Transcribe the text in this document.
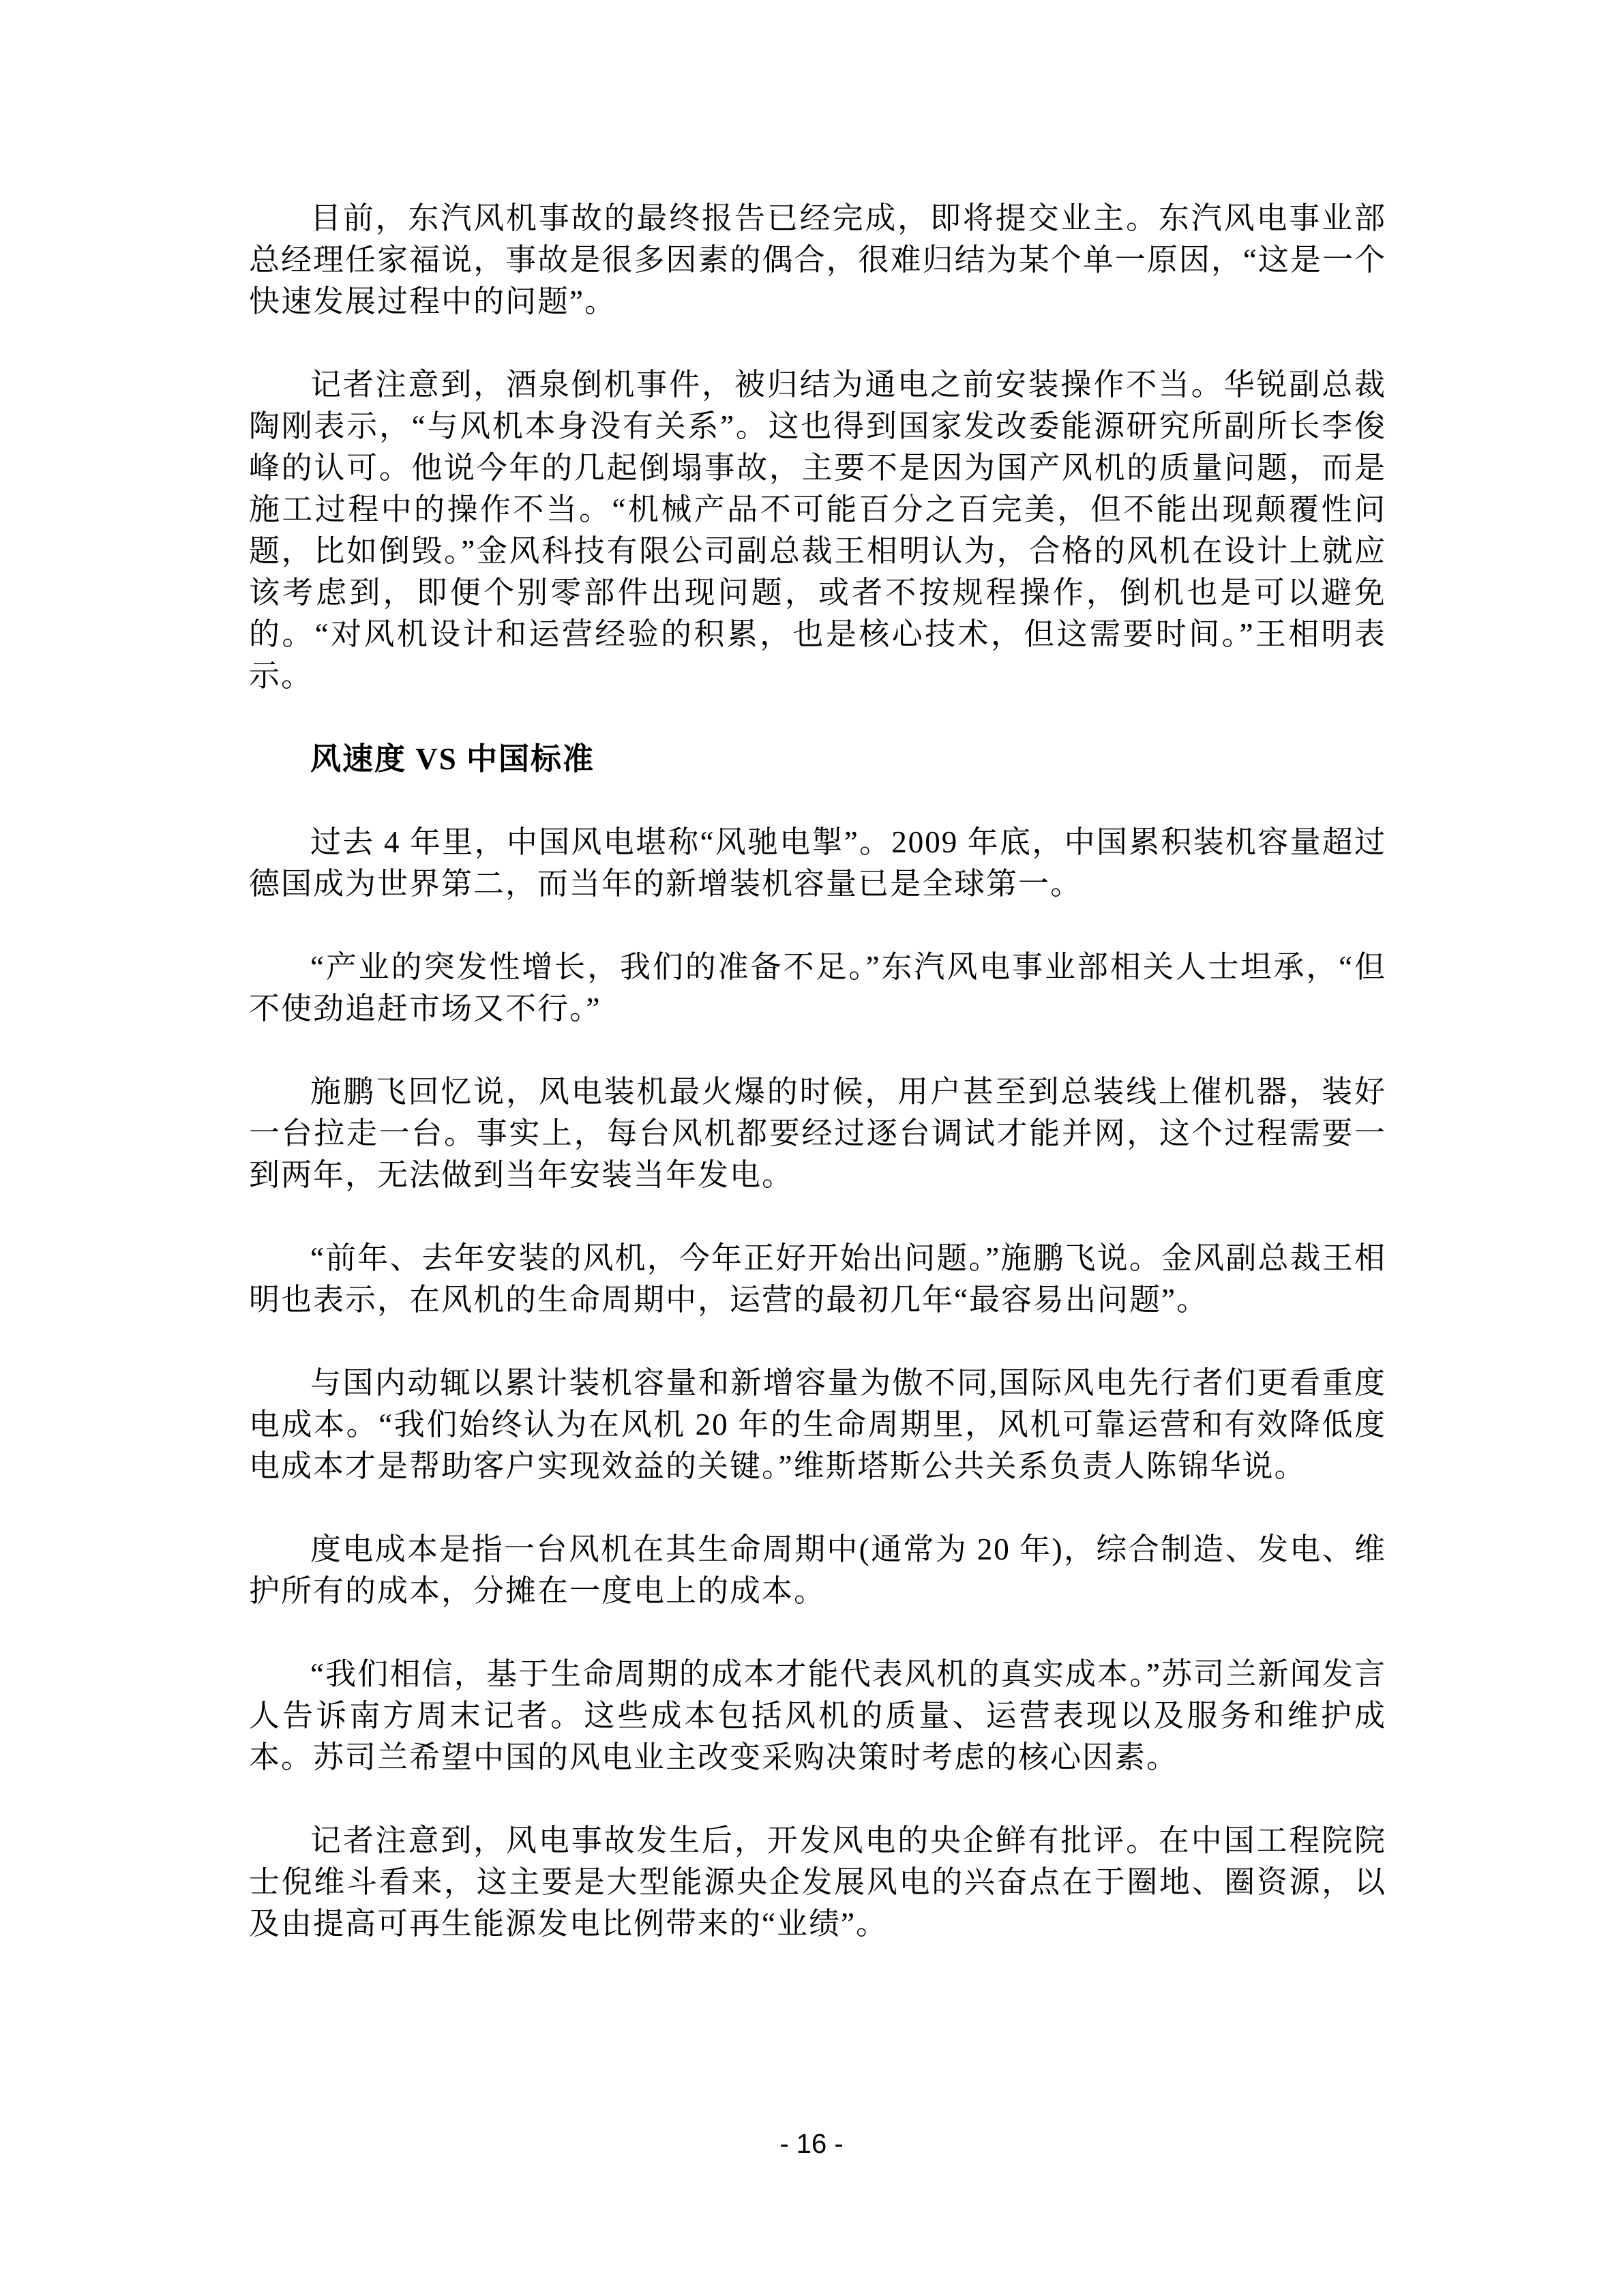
目前，东汽风机事故的最终报告已经完成，即将提交业主。东汽风电事业部总经理任家福说，事故是很多因素的偶合，很难归结为某个单一原因，“这是一个快速发展过程中的问题”。

记者注意到，酒泉倒机事件，被归结为通电之前安装操作不当。华锐副总裁陶刚表示，“与风机本身没有关系”。这也得到国家发改委能源研究所副所长李俊峰的认可。他说今年的几起倒塌事故，主要不是因为国产风机的质量问题，而是施工过程中的操作不当。“机械产品不可能百分之百完美，但不能出现颠覆性问题，比如倒毁。”金风科技有限公司副总裁王相明认为，合格的风机在设计上就应该考虑到，即便个别零部件出现问题，或者不按规程操作，倒机也是可以避免的。“对风机设计和运营经验的积累，也是核心技术，但这需要时间。”王相明表示。

风速度 VS 中国标准

过去 4 年里，中国风电堪称“风驰电掣”。2009 年底，中国累积装机容量超过德国成为世界第二，而当年的新增装机容量已是全球第一。

“产业的突发性增长，我们的准备不足。”东汽风电事业部相关人士坦承，“但不使劲追赶市场又不行。”

施鹏飞回忆说，风电装机最火爆的时候，用户甚至到总装线上催机器，装好一台拉走一台。事实上，每台风机都要经过逐台调试才能并网，这个过程需要一到两年，无法做到当年安装当年发电。

“前年、去年安装的风机，今年正好开始出问题。”施鹏飞说。金风副总裁王相明也表示，在风机的生命周期中，运营的最初几年“最容易出问题”。

与国内动辄以累计装机容量和新增容量为傲不同,国际风电先行者们更看重度电成本。“我们始终认为在风机 20 年的生命周期里，风机可靠运营和有效降低度电成本才是帮助客户实现效益的关键。”维斯塔斯公共关系负责人陈锦华说。

度电成本是指一台风机在其生命周期中(通常为 20 年)，综合制造、发电、维护所有的成本，分摊在一度电上的成本。

“我们相信，基于生命周期的成本才能代表风机的真实成本。”苏司兰新闻发言人告诉南方周末记者。这些成本包括风机的质量、运营表现以及服务和维护成本。苏司兰希望中国的风电业主改变采购决策时考虑的核心因素。

记者注意到，风电事故发生后，开发风电的央企鲜有批评。在中国工程院院士倪维斗看来，这主要是大型能源央企发展风电的兴奋点在于圈地、圈资源，以及由提高可再生能源发电比例带来的“业绩”。

- 16 -
